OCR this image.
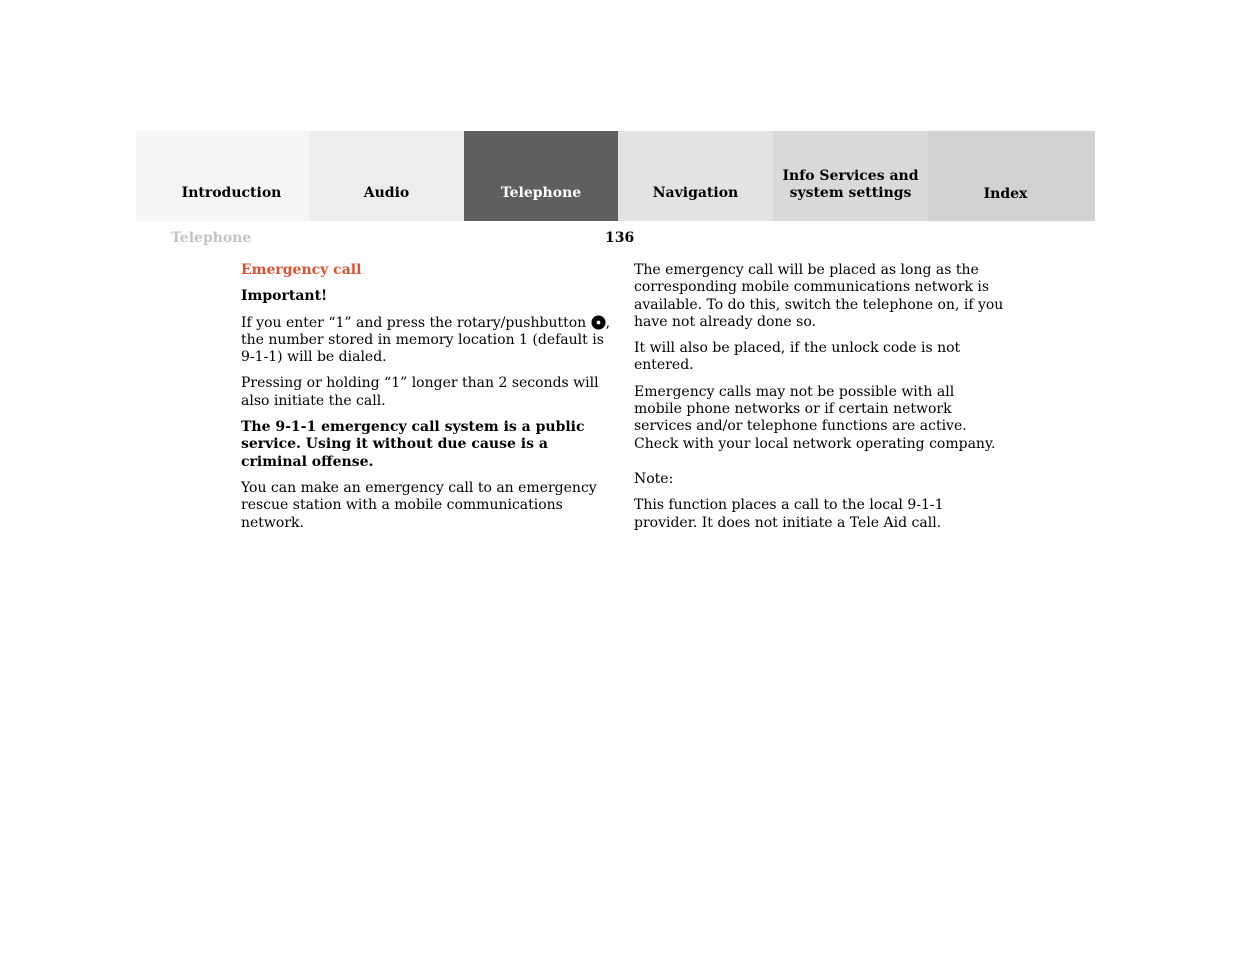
Introduction	Audio	Telephone	Navigation
Info Services and
system settings	Index
Telephone	136

Emergency call

Important!

If you enter “1” and press the rotary/pushbutton , the number stored in memory location 1 (default is 9-1-1) will be dialed.

Pressing or holding “1” longer than 2 seconds will also initiate the call.

The 9-1-1 emergency call system is a public service. Using it without due cause is a criminal offense.

You can make an emergency call to an emergency rescue station with a mobile communications network.

The emergency call will be placed as long as the corresponding mobile communications network is available. To do this, switch the telephone on, if you have not already done so.

It will also be placed, if the unlock code is not entered.

Emergency calls may not be possible with all mobile phone networks or if certain network services and/or telephone functions are active. Check with your local network operating company.

Note:

This function places a call to the local 9-1-1 provider. It does not initiate a Tele Aid call.
